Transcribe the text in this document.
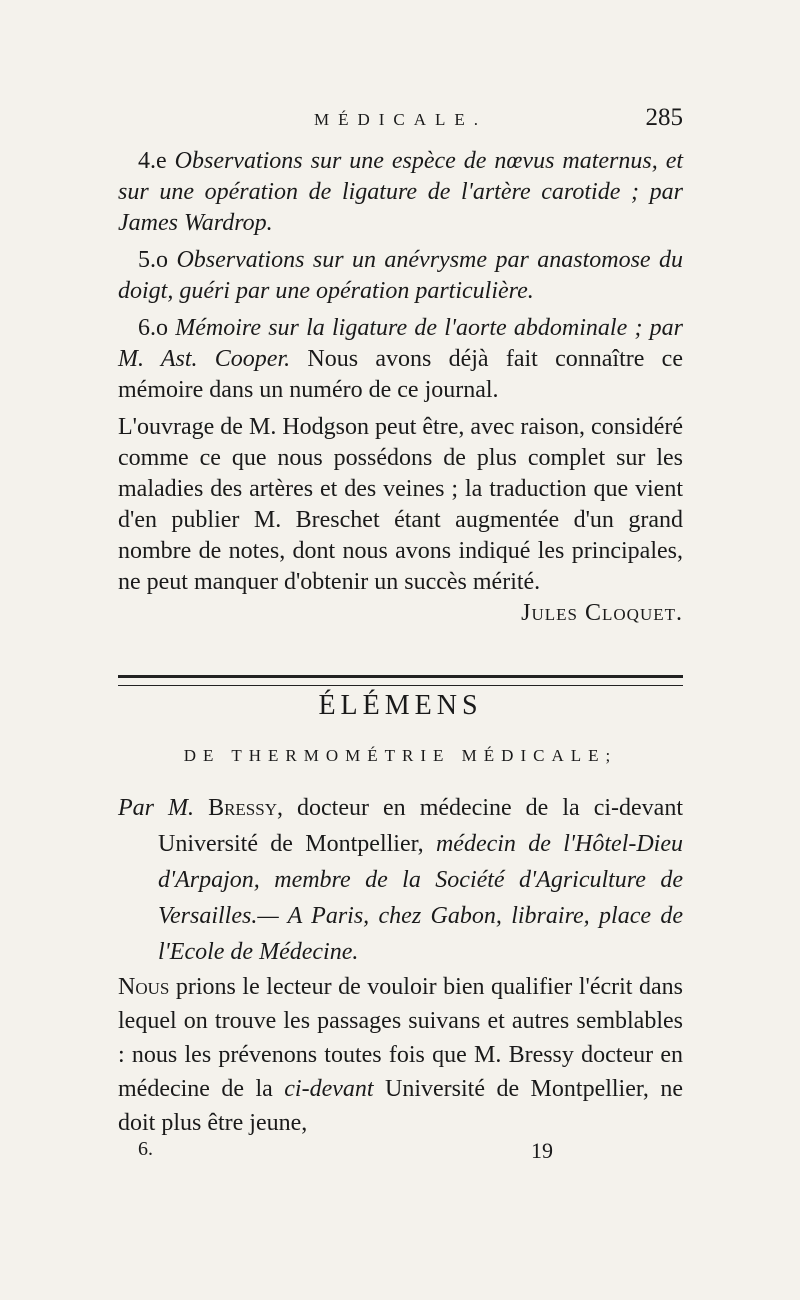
MÉDICALE.	285

4.e Observations sur une espèce de nœvus maternus, et sur une opération de ligature de l'artère carotide ; par James Wardrop.

5.o Observations sur un anévrysme par anastomose du doigt, guéri par une opération particulière.

6.o Mémoire sur la ligature de l'aorte abdominale ; par M. Ast. Cooper. Nous avons déjà fait connaître ce mémoire dans un numéro de ce journal.

L'ouvrage de M. Hodgson peut être, avec raison, considéré comme ce que nous possédons de plus complet sur les maladies des artères et des veines ; la traduction que vient d'en publier M. Breschet étant augmentée d'un grand nombre de notes, dont nous avons indiqué les principales, ne peut manquer d'obtenir un succès mérité.
Jules Cloquet.

ÉLÉMENS
DE THERMOMÉTRIE MÉDICALE;
Par M. Bressy, docteur en médecine de la ci-devant Université de Montpellier, médecin de l'Hôtel-Dieu d'Arpajon, membre de la Société d'Agriculture de Versailles.— A Paris, chez Gabon, libraire, place de l'Ecole de Médecine.
Nous prions le lecteur de vouloir bien qualifier l'écrit dans lequel on trouve les passages suivans et autres semblables : nous les prévenons toutes fois que M. Bressy docteur en médecine de la ci-devant Université de Montpellier, ne doit plus être jeune,
6.	19
